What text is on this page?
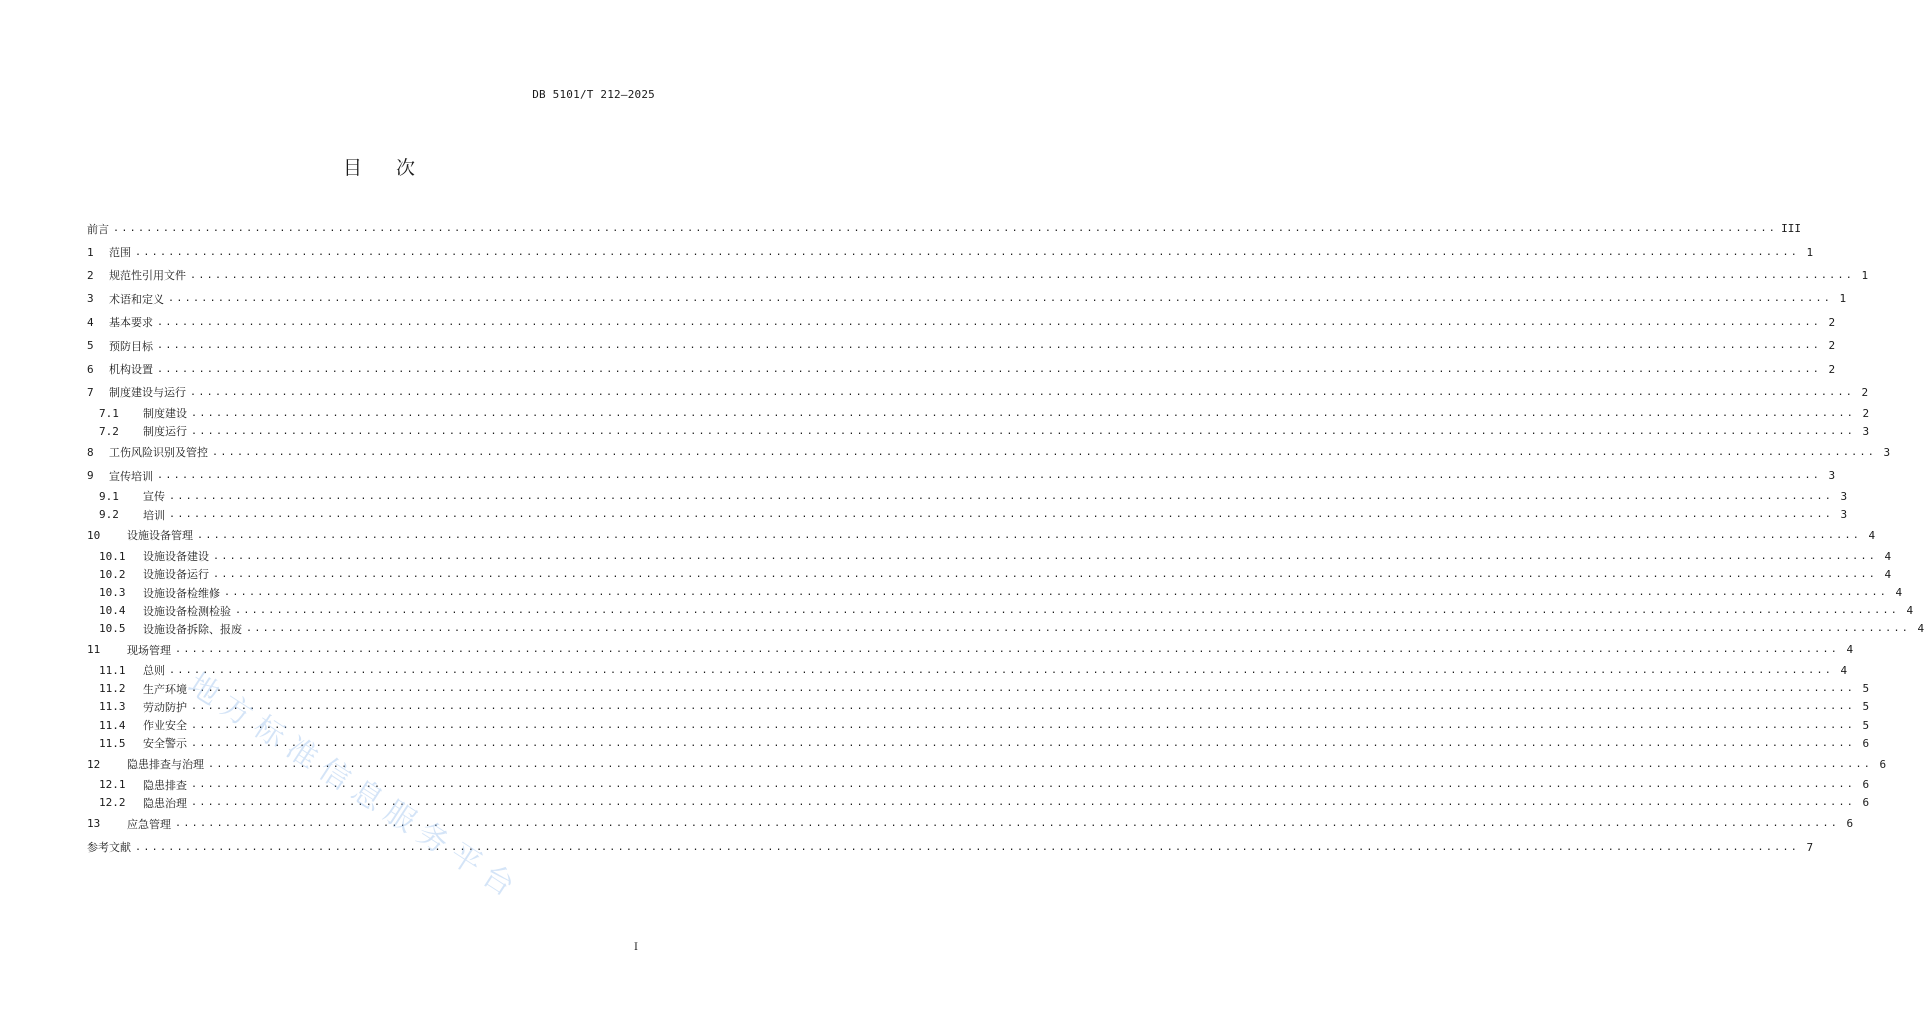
DB 5101/T 212—2025
目次
前言 ........................................................................................................................................................................................................ III
1	范围 ........................................................................................................................................................................................................ 1
2	规范性引用文件 ........................................................................................................................................................................................................ 1
3	术语和定义 ........................................................................................................................................................................................................ 1
4	基本要求 ........................................................................................................................................................................................................ 2
5	预防目标 ........................................................................................................................................................................................................ 2
6	机构设置 ........................................................................................................................................................................................................ 2
7	制度建设与运行 ........................................................................................................................................................................................................ 2
7.1	制度建设 ........................................................................................................................................................................................................ 2
7.2	制度运行 ........................................................................................................................................................................................................ 3
8	工伤风险识别及管控 ........................................................................................................................................................................................................ 3
9	宣传培训 ........................................................................................................................................................................................................ 3
9.1	宣传 ........................................................................................................................................................................................................ 3
9.2	培训 ........................................................................................................................................................................................................ 3
10	设施设备管理 ........................................................................................................................................................................................................ 4
10.1	设施设备建设 ........................................................................................................................................................................................................ 4
10.2	设施设备运行 ........................................................................................................................................................................................................ 4
10.3	设施设备检维修 ........................................................................................................................................................................................................ 4
10.4	设施设备检测检验 ........................................................................................................................................................................................................ 4
10.5	设施设备拆除、报废 ........................................................................................................................................................................................................ 4
11	现场管理 ........................................................................................................................................................................................................ 4
11.1	总则 ........................................................................................................................................................................................................ 4
11.2	生产环境 ........................................................................................................................................................................................................ 5
11.3	劳动防护 ........................................................................................................................................................................................................ 5
11.4	作业安全 ........................................................................................................................................................................................................ 5
11.5	安全警示 ........................................................................................................................................................................................................ 6
12	隐患排查与治理 ........................................................................................................................................................................................................ 6
12.1	隐患排查 ........................................................................................................................................................................................................ 6
12.2	隐患治理 ........................................................................................................................................................................................................ 6
13	应急管理 ........................................................................................................................................................................................................ 6
参考文献 ........................................................................................................................................................................................................ 7
地方标准信息服务平台
I
